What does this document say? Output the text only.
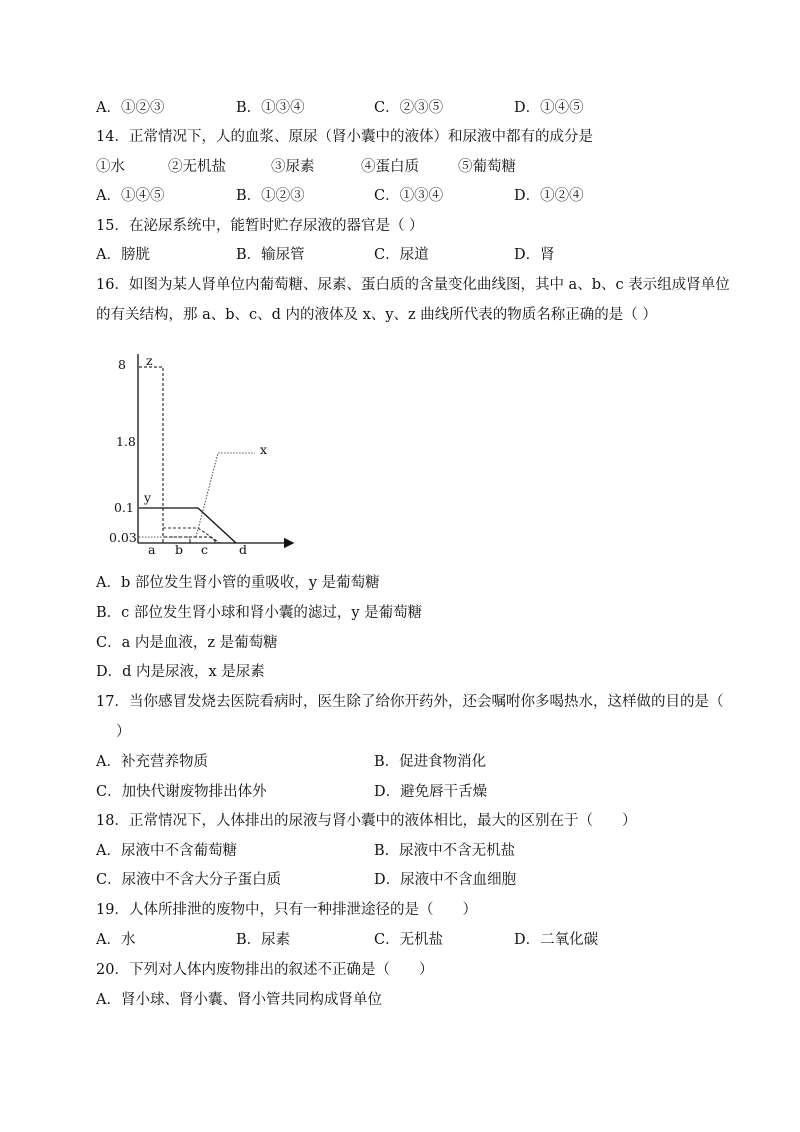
A．①②③	B．①③④	C．②③⑤	D．①④⑤
14．正常情况下，人的血浆、原尿（肾小囊中的液体）和尿液中都有的成分是
①水	②无机盐	③尿素	④蛋白质	⑤葡萄糖
A．①④⑤	B．①②③	C．①③④	D．①②④
15．在泌尿系统中，能暂时贮存尿液的器官是（ ）
A．膀胱	B．输尿管	C．尿道	D．肾
16．如图为某人肾单位内葡萄糖、尿素、蛋白质的含量变化曲线图，其中 a、b、c 表示组成肾单位
的有关结构，那 a、b、c、d 内的液体及 x、y、z 曲线所代表的物质名称正确的是（ ）
8
1.8
0.1
0.03
a b c d
z
y
x
A．b 部位发生肾小管的重吸收，y 是葡萄糖
B．c 部位发生肾小球和肾小囊的滤过，y 是葡萄糖
C．a 内是血液，z 是葡萄糖
D．d 内是尿液，x 是尿素
17．当你感冒发烧去医院看病时，医生除了给你开药外，还会嘱咐你多喝热水，这样做的目的是（
）
A．补充营养物质	B．促进食物消化
C．加快代谢废物排出体外	D．避免唇干舌燥
18．正常情况下，人体排出的尿液与肾小囊中的液体相比，最大的区别在于（　　）
A．尿液中不含葡萄糖	B．尿液中不含无机盐
C．尿液中不含大分子蛋白质	D．尿液中不含血细胞
19．人体所排泄的废物中，只有一种排泄途径的是（　　）
A．水	B．尿素	C．无机盐	D．二氧化碳
20．下列对人体内废物排出的叙述不正确是（　　）
A．肾小球、肾小囊、肾小管共同构成肾单位
